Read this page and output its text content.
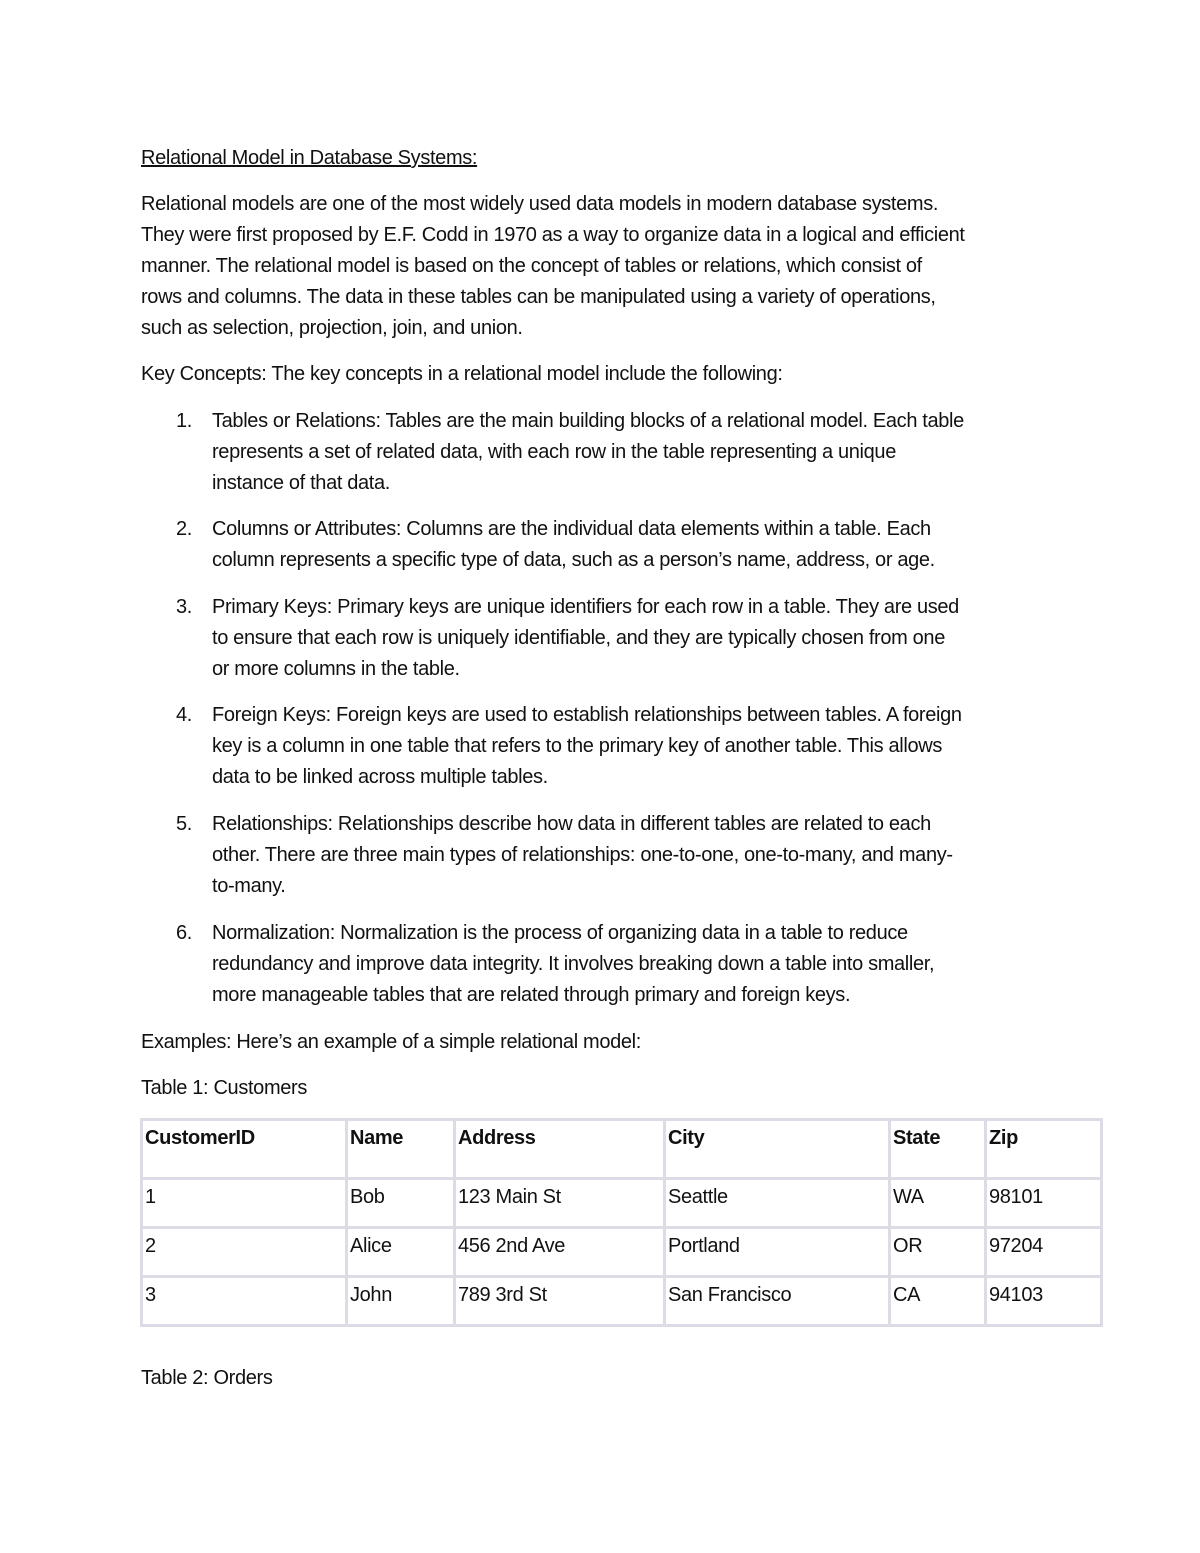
Relational Model in Database Systems:
Relational models are one of the most widely used data models in modern database systems.
They were first proposed by E.F. Codd in 1970 as a way to organize data in a logical and efficient
manner. The relational model is based on the concept of tables or relations, which consist of
rows and columns. The data in these tables can be manipulated using a variety of operations,
such as selection, projection, join, and union.
Key Concepts: The key concepts in a relational model include the following:
1. Tables or Relations: Tables are the main building blocks of a relational model. Each table
represents a set of related data, with each row in the table representing a unique
instance of that data.
2. Columns or Attributes: Columns are the individual data elements within a table. Each
column represents a specific type of data, such as a person’s name, address, or age.
3. Primary Keys: Primary keys are unique identifiers for each row in a table. They are used
to ensure that each row is uniquely identifiable, and they are typically chosen from one
or more columns in the table.
4. Foreign Keys: Foreign keys are used to establish relationships between tables. A foreign
key is a column in one table that refers to the primary key of another table. This allows
data to be linked across multiple tables.
5. Relationships: Relationships describe how data in different tables are related to each
other. There are three main types of relationships: one-to-one, one-to-many, and many-
to-many.
6. Normalization: Normalization is the process of organizing data in a table to reduce
redundancy and improve data integrity. It involves breaking down a table into smaller,
more manageable tables that are related through primary and foreign keys.
Examples: Here’s an example of a simple relational model:
Table 1: Customers
CustomerID	Name	Address	City	State	Zip
1	Bob	123 Main St	Seattle	WA	98101
2	Alice	456 2nd Ave	Portland	OR	97204
3	John	789 3rd St	San Francisco	CA	94103
Table 2: Orders
